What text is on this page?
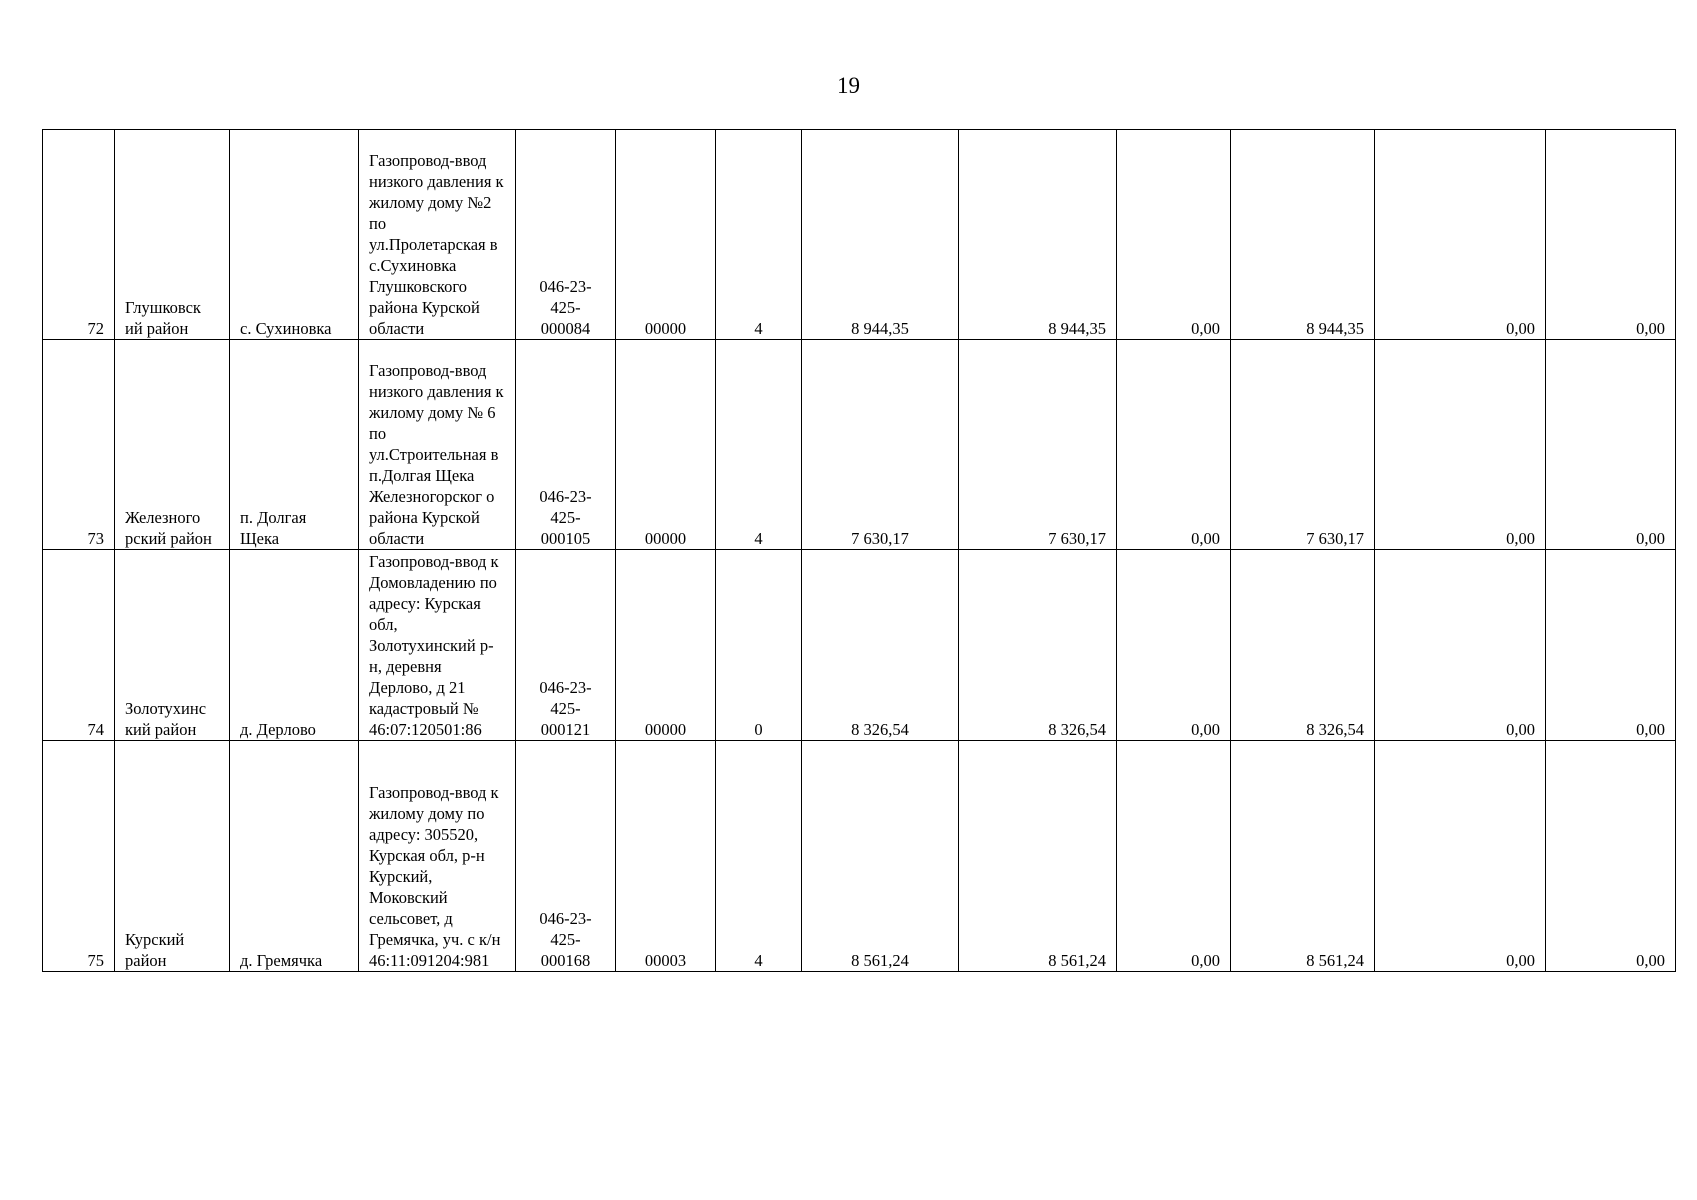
19
72	Глушковск ий район	с. Сухиновка	Газопровод-ввод низкого давления к жилому дому №2 по ул.Пролетарская в с.Сухиновка Глушковского района Курской области	046-23-425-000084	00000	4	8 944,35	8 944,35	0,00	8 944,35	0,00	0,00
73	Железного рский район	п. Долгая Щека	Газопровод-ввод низкого давления к жилому дому № 6 по ул.Строительная в п.Долгая Щека Железногорског о района Курской области	046-23-425-000105	00000	4	7 630,17	7 630,17	0,00	7 630,17	0,00	0,00
74	Золотухинс кий район	д. Дерлово	Газопровод-ввод к Домовладению по адресу: Курская обл, Золотухинский р-н, деревня Дерлово, д 21 кадастровый № 46:07:120501:86	046-23-425-000121	00000	0	8 326,54	8 326,54	0,00	8 326,54	0,00	0,00
75	Курский район	д. Гремячка	Газопровод-ввод к жилому дому по адресу: 305520, Курская обл, р-н Курский, Моковский сельсовет, д Гремячка, уч. с к/н 46:11:091204:981	046-23-425-000168	00003	4	8 561,24	8 561,24	0,00	8 561,24	0,00	0,00
